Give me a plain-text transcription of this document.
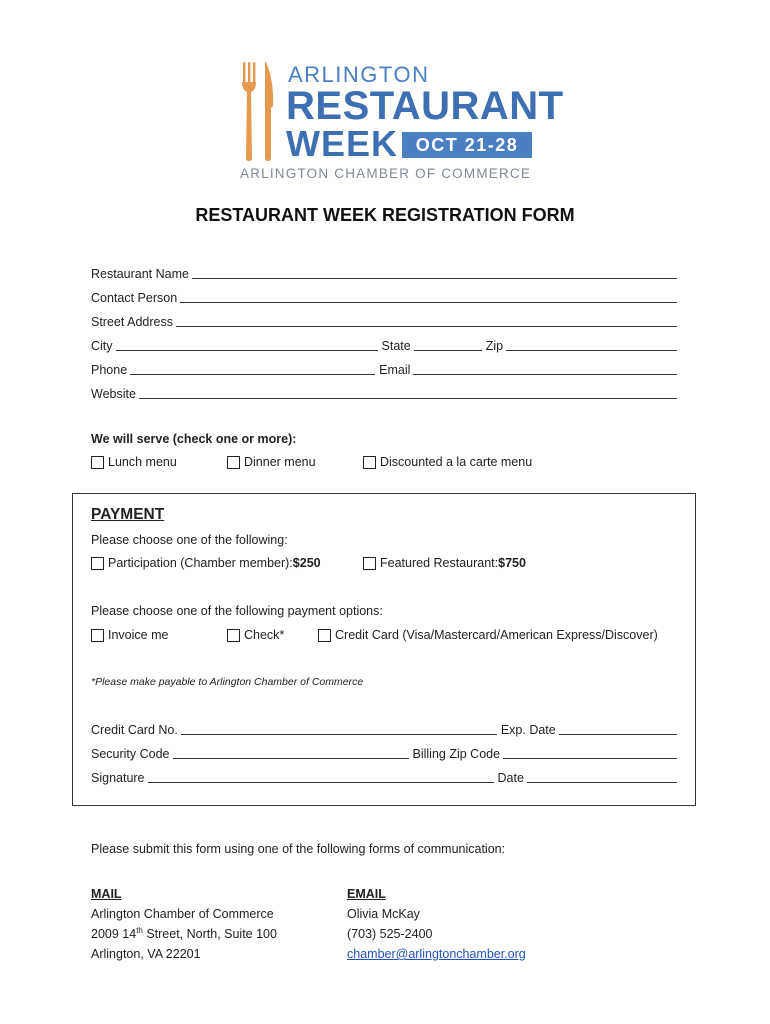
ARLINGTON
RESTAURANT
WEEK OCT 21-28
ARLINGTON CHAMBER OF COMMERCE
RESTAURANT WEEK REGISTRATION FORM
Restaurant Name
Contact Person
Street Address
City	State	Zip
Phone	Email
Website
We will serve (check one or more):
Lunch menu	Dinner menu	Discounted a la carte menu
PAYMENT
Please choose one of the following:
Participation (Chamber member): $250	Featured Restaurant: $750
Please choose one of the following payment options:
Invoice me	Check*	Credit Card (Visa/Mastercard/American Express/Discover)
*Please make payable to Arlington Chamber of Commerce
Credit Card No.	Exp. Date
Security Code	Billing Zip Code
Signature	Date
Please submit this form using one of the following forms of communication:
MAIL
Arlington Chamber of Commerce
2009 14th Street, North, Suite 100
Arlington, VA 22201
EMAIL
Olivia McKay
(703) 525-2400
chamber@arlingtonchamber.org
